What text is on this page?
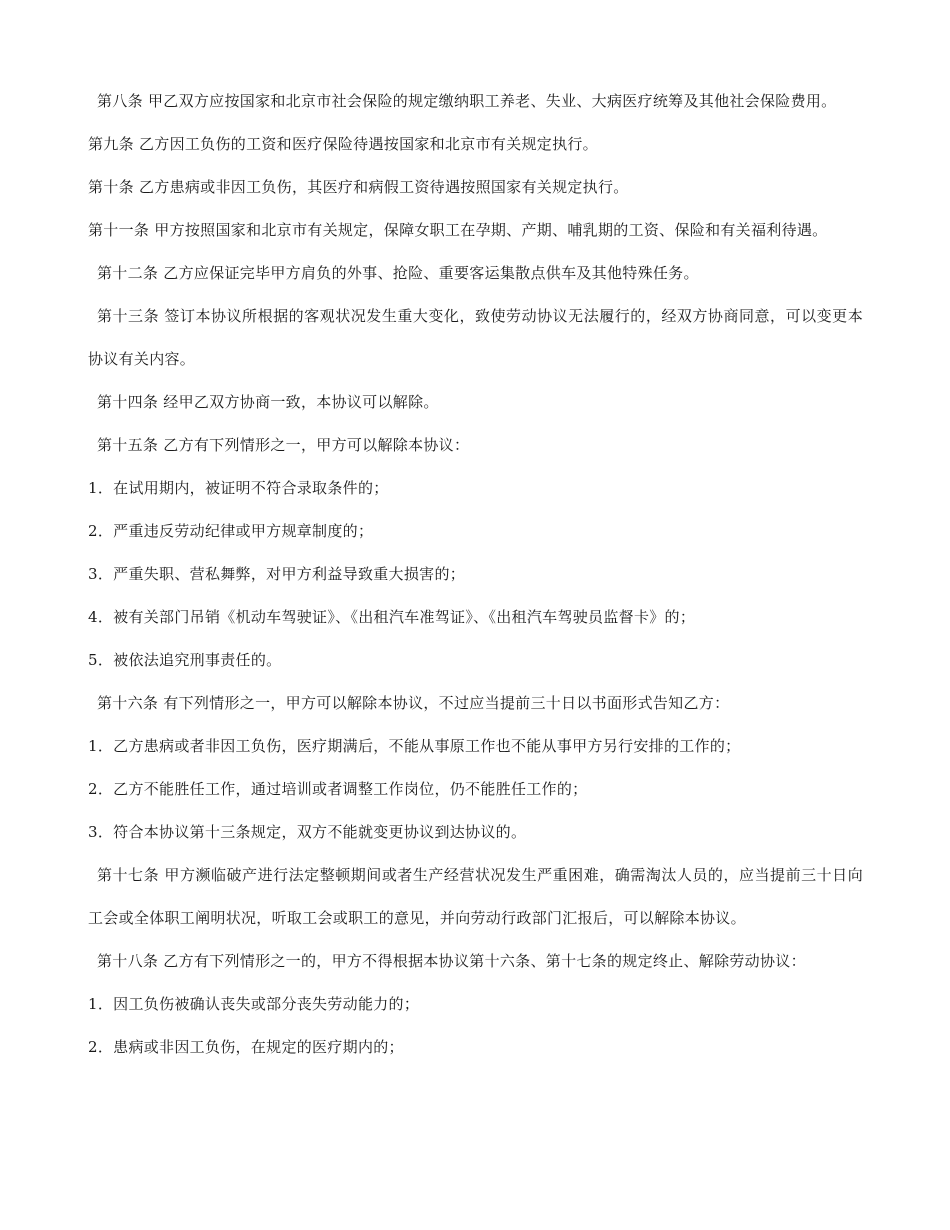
第八条 甲乙双方应按国家和北京市社会保险的规定缴纳职工养老、失业、大病医疗统筹及其他社会保险费用。

第九条 乙方因工负伤的工资和医疗保险待遇按国家和北京市有关规定执行。

第十条 乙方患病或非因工负伤，其医疗和病假工资待遇按照国家有关规定执行。

第十一条 甲方按照国家和北京市有关规定，保障女职工在孕期、产期、哺乳期的工资、保险和有关福利待遇。

第十二条 乙方应保证完毕甲方肩负的外事、抢险、重要客运集散点供车及其他特殊任务。

第十三条 签订本协议所根据的客观状况发生重大变化，致使劳动协议无法履行的，经双方协商同意，可以变更本协议有关内容。

第十四条 经甲乙双方协商一致，本协议可以解除。

第十五条 乙方有下列情形之一，甲方可以解除本协议：

1．在试用期内，被证明不符合录取条件的；

2．严重违反劳动纪律或甲方规章制度的；

3．严重失职、营私舞弊，对甲方利益导致重大损害的；

4．被有关部门吊销《机动车驾驶证》、《出租汽车准驾证》、《出租汽车驾驶员监督卡》的；

5．被依法追究刑事责任的。

第十六条 有下列情形之一，甲方可以解除本协议，不过应当提前三十日以书面形式告知乙方：

1．乙方患病或者非因工负伤，医疗期满后，不能从事原工作也不能从事甲方另行安排的工作的；

2．乙方不能胜任工作，通过培训或者调整工作岗位，仍不能胜任工作的；

3．符合本协议第十三条规定，双方不能就变更协议到达协议的。

第十七条 甲方濒临破产进行法定整顿期间或者生产经营状况发生严重困难，确需淘汰人员的，应当提前三十日向工会或全体职工阐明状况，听取工会或职工的意见，并向劳动行政部门汇报后，可以解除本协议。

第十八条 乙方有下列情形之一的，甲方不得根据本协议第十六条、第十七条的规定终止、解除劳动协议：

1．因工负伤被确认丧失或部分丧失劳动能力的；

2．患病或非因工负伤，在规定的医疗期内的；
